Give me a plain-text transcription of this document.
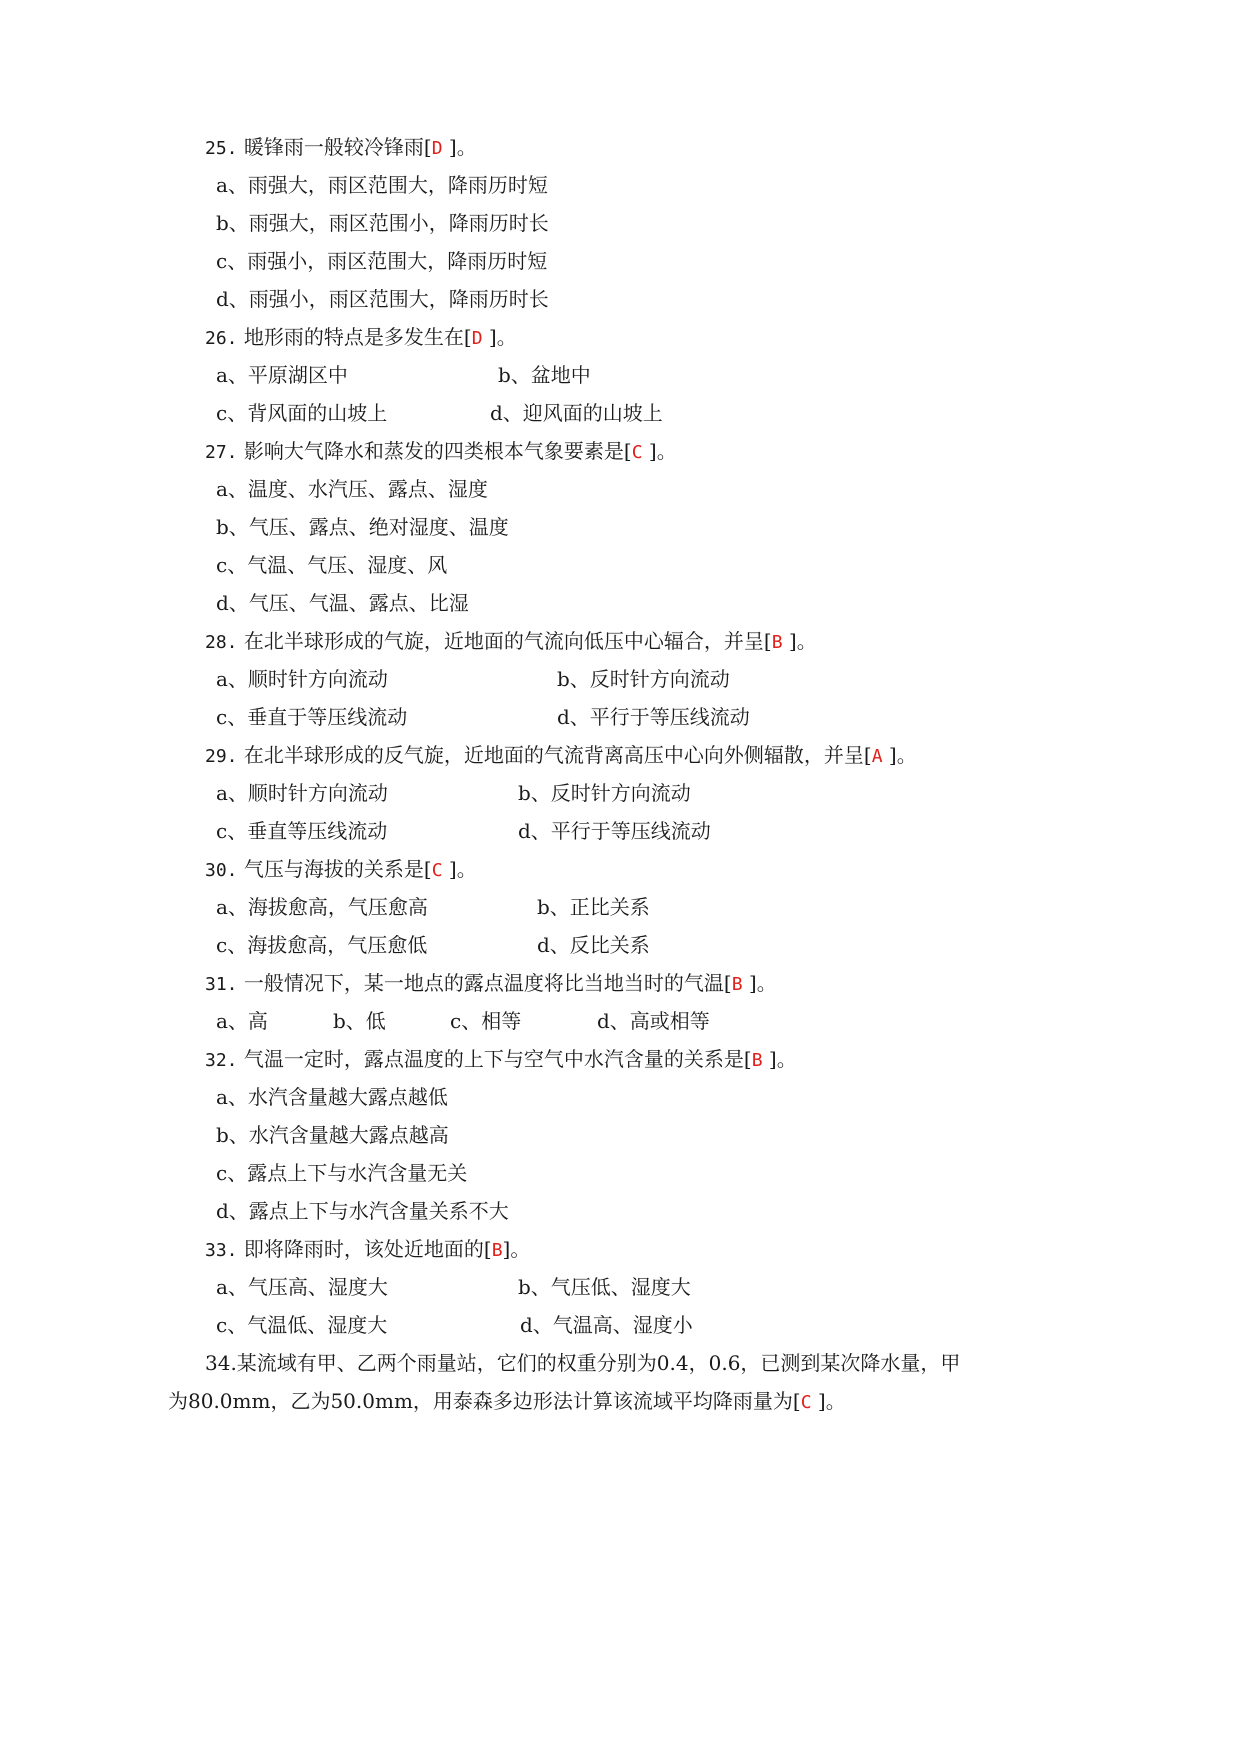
25. 暖锋雨一般较冷锋雨[D ]。
a、雨强大，雨区范围大，降雨历时短
b、雨强大，雨区范围小，降雨历时长
c、雨强小，雨区范围大，降雨历时短
d、雨强小，雨区范围大，降雨历时长
26. 地形雨的特点是多发生在[D ]。
a、平原湖区中	b、盆地中
c、背风面的山坡上	d、迎风面的山坡上
27. 影响大气降水和蒸发的四类根本气象要素是[C ]。
a、温度、水汽压、露点、湿度
b、气压、露点、绝对湿度、温度
c、气温、气压、湿度、风
d、气压、气温、露点、比湿
28. 在北半球形成的气旋，近地面的气流向低压中心辐合，并呈[B ]。
a、顺时针方向流动	b、反时针方向流动
c、垂直于等压线流动	d、平行于等压线流动
29. 在北半球形成的反气旋，近地面的气流背离高压中心向外侧辐散，并呈[A ]。
a、顺时针方向流动	b、反时针方向流动
c、垂直等压线流动	d、平行于等压线流动
30. 气压与海拔的关系是[C ]。
a、海拔愈高，气压愈高	b、正比关系
c、海拔愈高，气压愈低	d、反比关系
31. 一般情况下，某一地点的露点温度将比当地当时的气温[B ]。
a、高	b、低	c、相等	d、高或相等
32. 气温一定时，露点温度的上下与空气中水汽含量的关系是[B ]。
a、水汽含量越大露点越低
b、水汽含量越大露点越高
c、露点上下与水汽含量无关
d、露点上下与水汽含量关系不大
33. 即将降雨时，该处近地面的[B]。
a、气压高、湿度大	b、气压低、湿度大
c、气温低、湿度大	d、气温高、湿度小
34.某流域有甲、乙两个雨量站，它们的权重分别为0.4，0.6，已测到某次降水量，甲
为80.0mm，乙为50.0mm，用泰森多边形法计算该流域平均降雨量为[C ]。
